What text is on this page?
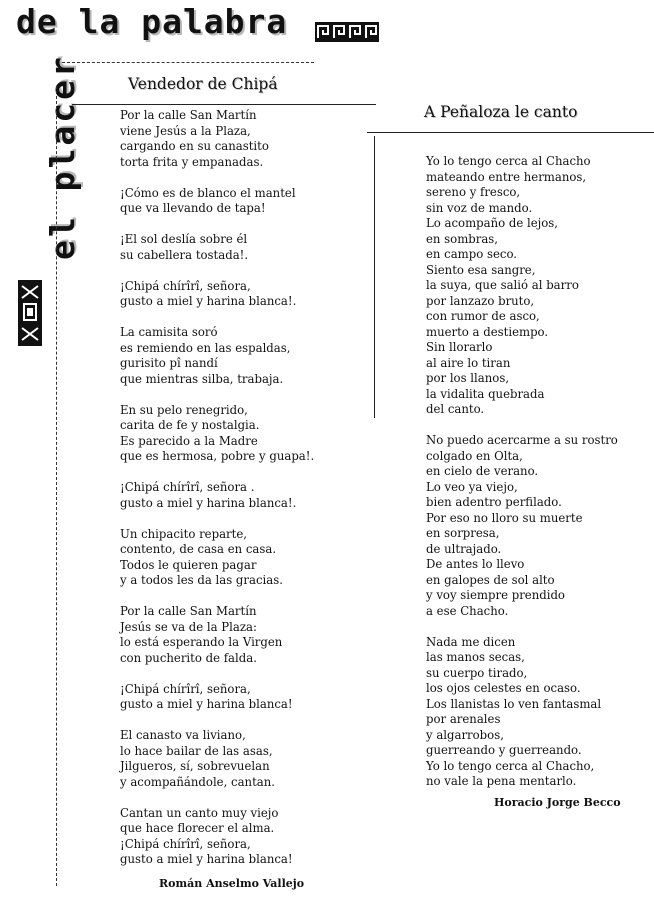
de la palabra
el placer	Vendedor de Chipá
Por la calle San Martín
viene Jesús a la Plaza,
cargando en su canastito
torta frita y empanadas.
¡Cómo es de blanco el mantel
que va llevando de tapa!
¡El sol deslía sobre él
su cabellera tostada!.
¡Chipá chírîrî, señora,
gusto a miel y harina blanca!.
La camisita soró
es remiendo en las espaldas,
gurisito pî nandí
que mientras silba, trabaja.
En su pelo renegrido,
carita de fe y nostalgia.
Es parecido a la Madre
que es hermosa, pobre y guapa!.
¡Chipá chírîrî, señora .
gusto a miel y harina blanca!.
Un chipacito reparte,
contento, de casa en casa.
Todos le quieren pagar
y a todos les da las gracias.
Por la calle San Martín
Jesús se va de la Plaza:
lo está esperando la Virgen
con pucherito de falda.
¡Chipá chírîrî, señora,
gusto a miel y harina blanca!
El canasto va liviano,
lo hace bailar de las asas,
Jilgueros, sí, sobrevuelan
y acompañándole, cantan.
Cantan un canto muy viejo
que hace florecer el alma.
¡Chipá chírîrî, señora,
gusto a miel y harina blanca!
Román Anselmo Vallejo
A Peñaloza le canto
Yo lo tengo cerca al Chacho
mateando entre hermanos,
sereno y fresco,
sin voz de mando.
Lo acompaño de lejos,
en sombras,
en campo seco.
Siento esa sangre,
la suya, que salió al barro
por lanzazo bruto,
con rumor de asco,
muerto a destiempo.
Sin llorarlo
al aire lo tiran
por los llanos,
la vidalita quebrada
del canto.
No puedo acercarme a su rostro
colgado en Olta,
en cielo de verano.
Lo veo ya viejo,
bien adentro perfilado.
Por eso no lloro su muerte
en sorpresa,
de ultrajado.
De antes lo llevo
en galopes de sol alto
y voy siempre prendido
a ese Chacho.
Nada me dicen
las manos secas,
su cuerpo tirado,
los ojos celestes en ocaso.
Los llanistas lo ven fantasmal
por arenales
y algarrobos,
guerreando y guerreando.
Yo lo tengo cerca al Chacho,
no vale la pena mentarlo.
Horacio Jorge Becco
